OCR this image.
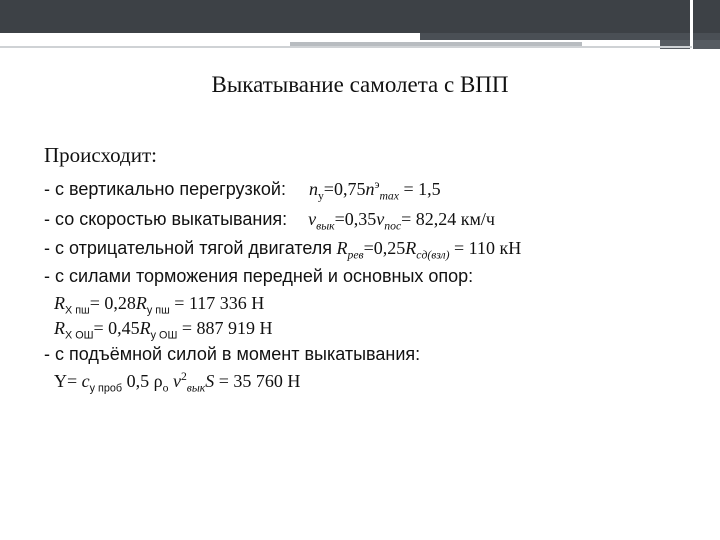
Выкатывание самолета с ВПП
Происходит:
- с вертикально перегрузкой: $n_y=0,75n^э_{max} = 1,5$
- со скоростью выкатывания: $v_{вык}=0,35v_{пос}= 82,24$ км/ч
- с отрицательной тягой двигателя $R_{рев}=0,25R_{сд(взл)} = 110$ кН
- с силами торможения передней и основных опор:
$R_{X пш}= 0,28R_{y пш} = 117$ 336 Н
$R_{X ОШ}= 0,45R_{y ОШ} = 887$ 919 Н
- с подъёмной силой в момент выкатывания:
$Y= c_{y проб}$ 0,5 $\rho_о$ $v^2_{вык}S = 35$ 760 Н
